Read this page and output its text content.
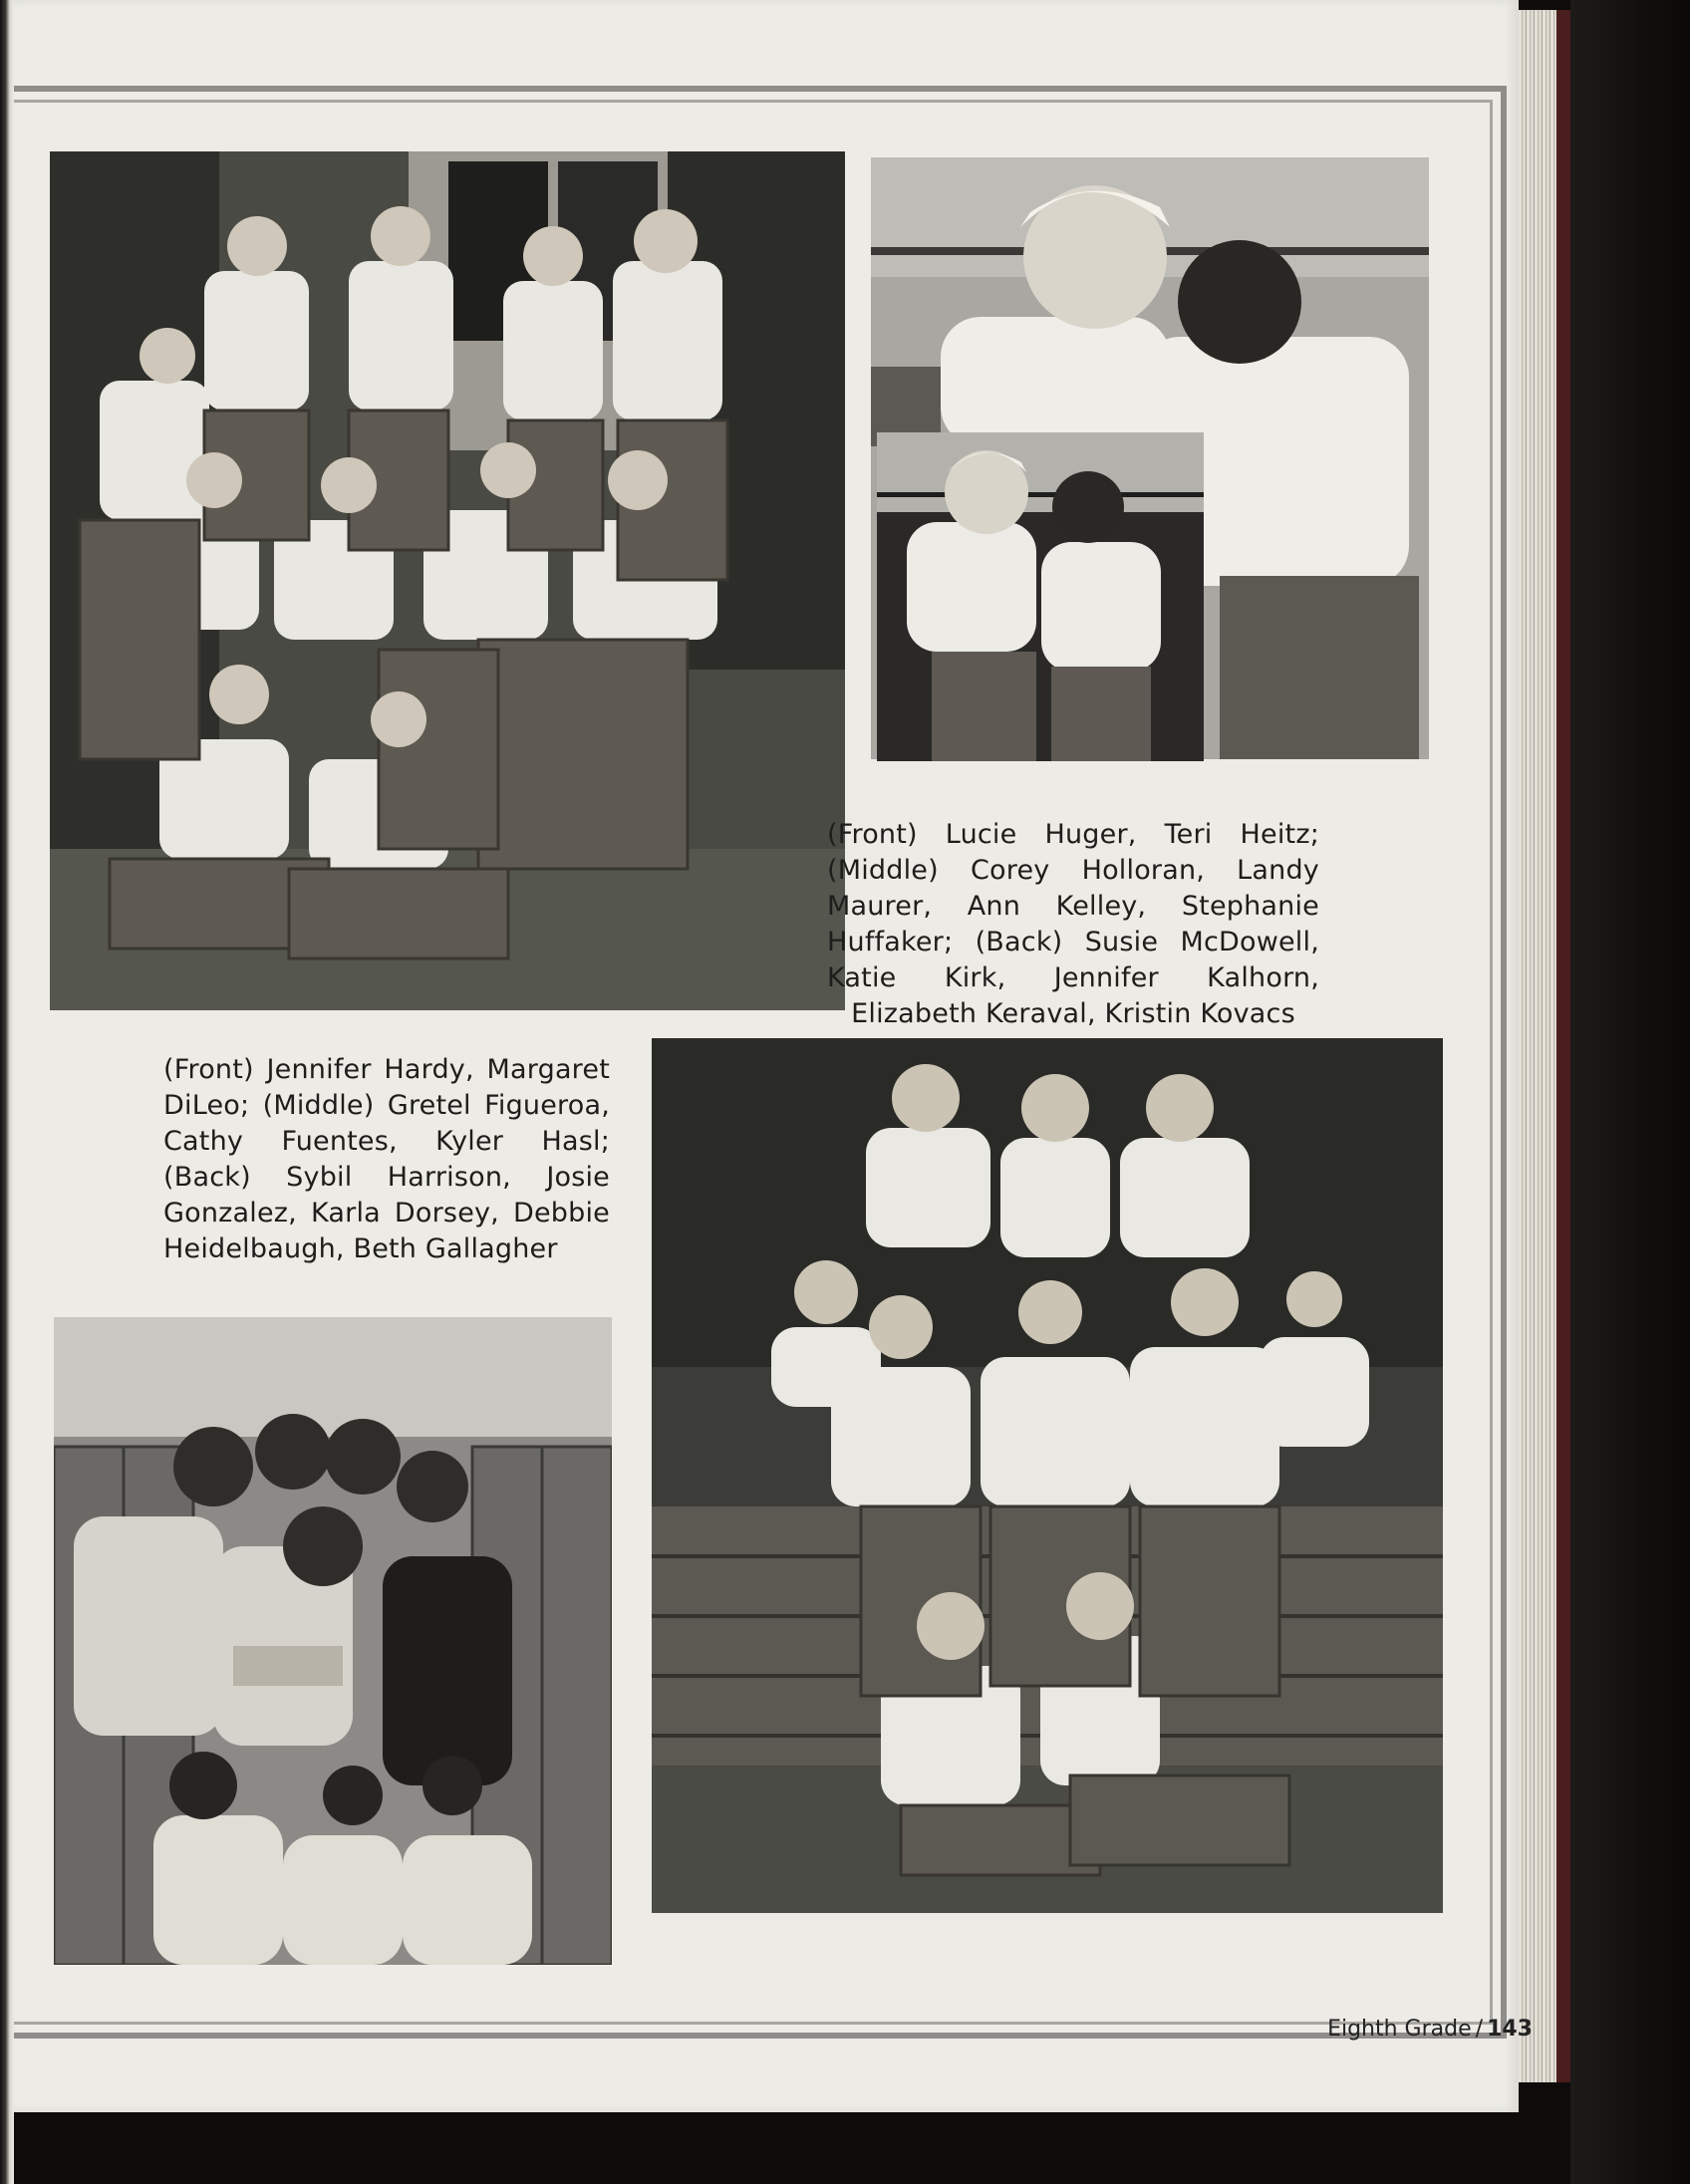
(Front) Lucie Huger, Teri Heitz; (Middle) Corey Holloran, Landy Maurer, Ann Kelley, Stephanie Huffaker; (Back) Susie McDowell, Katie Kirk, Jennifer Kalhorn, Elizabeth Keraval, Kristin Kovacs
(Front) Jennifer Hardy, Margaret DiLeo; (Middle) Gretel Figueroa, Cathy Fuentes, Kyler Hasl; (Back) Sybil Harrison, Josie Gonzalez, Karla Dorsey, Debbie Heidelbaugh, Beth Gallagher
Eighth Grade / 143
